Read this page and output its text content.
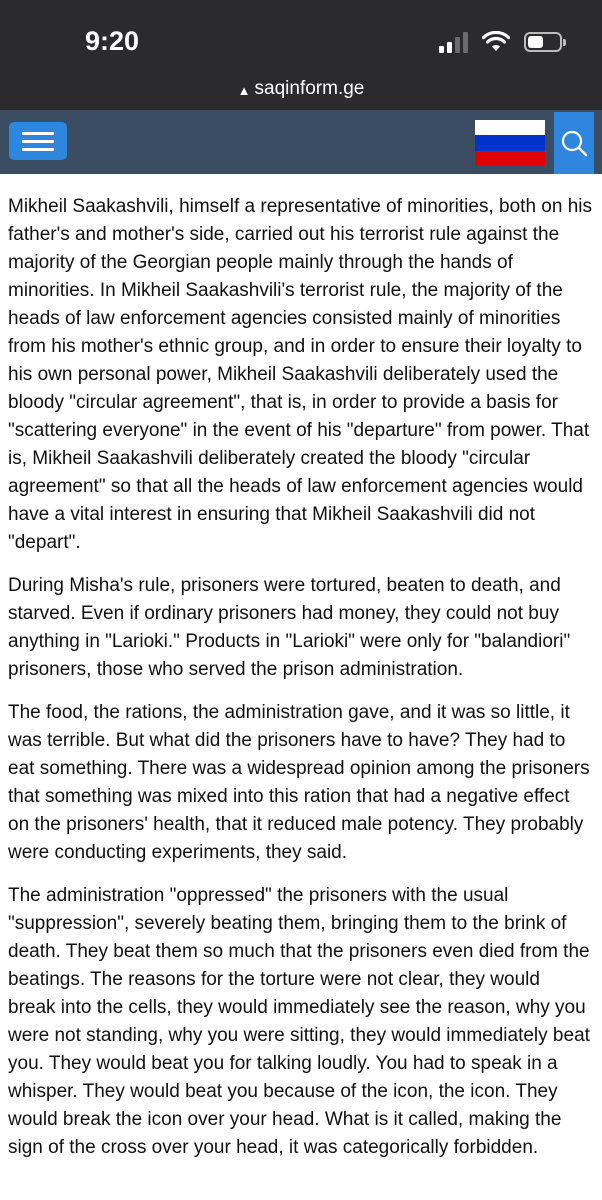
9:20
▲ saqinform.ge

Mikheil Saakashvili, himself a representative of minorities, both on his father's and mother's side, carried out his terrorist rule against the majority of the Georgian people mainly through the hands of minorities. In Mikheil Saakashvili's terrorist rule, the majority of the heads of law enforcement agencies consisted mainly of minorities from his mother's ethnic group, and in order to ensure their loyalty to his own personal power, Mikheil Saakashvili deliberately used the bloody "circular agreement", that is, in order to provide a basis for "scattering everyone" in the event of his "departure" from power. That is, Mikheil Saakashvili deliberately created the bloody "circular agreement" so that all the heads of law enforcement agencies would have a vital interest in ensuring that Mikheil Saakashvili did not "depart".

During Misha's rule, prisoners were tortured, beaten to death, and starved. Even if ordinary prisoners had money, they could not buy anything in "Larioki." Products in "Larioki" were only for "balandiori" prisoners, those who served the prison administration.

The food, the rations, the administration gave, and it was so little, it was terrible. But what did the prisoners have to have? They had to eat something. There was a widespread opinion among the prisoners that something was mixed into this ration that had a negative effect on the prisoners' health, that it reduced male potency. They probably were conducting experiments, they said.

The administration "oppressed" the prisoners with the usual "suppression", severely beating them, bringing them to the brink of death. They beat them so much that the prisoners even died from the beatings. The reasons for the torture were not clear, they would break into the cells, they would immediately see the reason, why you were not standing, why you were sitting, they would immediately beat you. They would beat you for talking loudly. You had to speak in a whisper. They would beat you because of the icon, the icon. They would break the icon over your head. What is it called, making the sign of the cross over your head, it was categorically forbidden.
